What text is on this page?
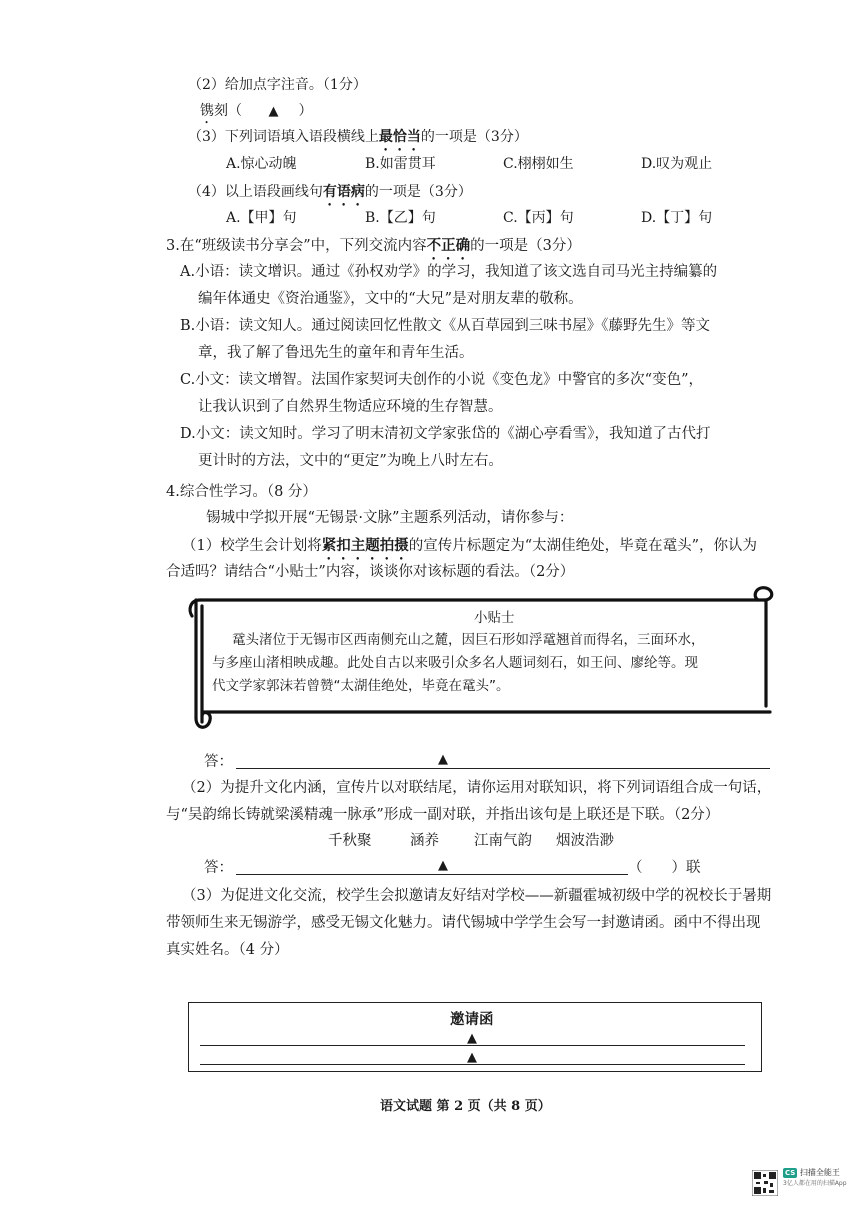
（2）给加点字注音。（1分）
镌刻（ ▲ ）
（3）下列词语填入语段横线上最恰当的一项是（3分）
A.惊心动魄	B.如雷贯耳	C.栩栩如生	D.叹为观止
（4）以上语段画线句有语病的一项是（3分）
A.【甲】句	B.【乙】句	C.【丙】句	D.【丁】句
3.在“班级读书分享会”中，下列交流内容不正确的一项是（3分）
A.小语：读文增识。通过《孙权劝学》的学习，我知道了该文选自司马光主持编纂的
编年体通史《资治通鉴》，文中的“大兄”是对朋友辈的敬称。
B.小语：读文知人。通过阅读回忆性散文《从百草园到三味书屋》《藤野先生》等文
章，我了解了鲁迅先生的童年和青年生活。
C.小文：读文增智。法国作家契诃夫创作的小说《变色龙》中警官的多次“变色”，
让我认识到了自然界生物适应环境的生存智慧。
D.小文：读文知时。学习了明末清初文学家张岱的《湖心亭看雪》，我知道了古代打
更计时的方法，文中的“更定”为晚上八时左右。
4.综合性学习。（8 分）
锡城中学拟开展“无锡景·文脉”主题系列活动，请你参与：
（1）校学生会计划将紧扣主题拍摄的宣传片标题定为“太湖佳绝处，毕竟在鼋头”，你认为
合适吗？请结合“小贴士”内容，谈谈你对该标题的看法。（2分）
小贴士
鼋头渚位于无锡市区西南侧充山之麓，因巨石形如浮鼋翘首而得名，三面环水，
与多座山渚相映成趣。此处自古以来吸引众多名人题词刻石，如王问、廖纶等。现
代文学家郭沫若曾赞“太湖佳绝处，毕竟在鼋头”。
答：	▲
（2）为提升文化内涵，宣传片以对联结尾，请你运用对联知识，将下列词语组合成一句话，
与“吴韵绵长铸就梁溪精魂一脉承”形成一副对联，并指出该句是上联还是下联。（2分）
千秋聚	涵养 江南气韵 烟波浩渺
答：	▲	（　　）联
（3）为促进文化交流，校学生会拟邀请友好结对学校——新疆霍城初级中学的祝校长于暑期
带领师生来无锡游学，感受无锡文化魅力。请代锡城中学学生会写一封邀请函。函中不得出现
真实姓名。（4 分）
邀请函
▲
▲
语文试题 第 2 页（共 8 页）
CS 扫描全能王
3亿人都在用的扫描App
